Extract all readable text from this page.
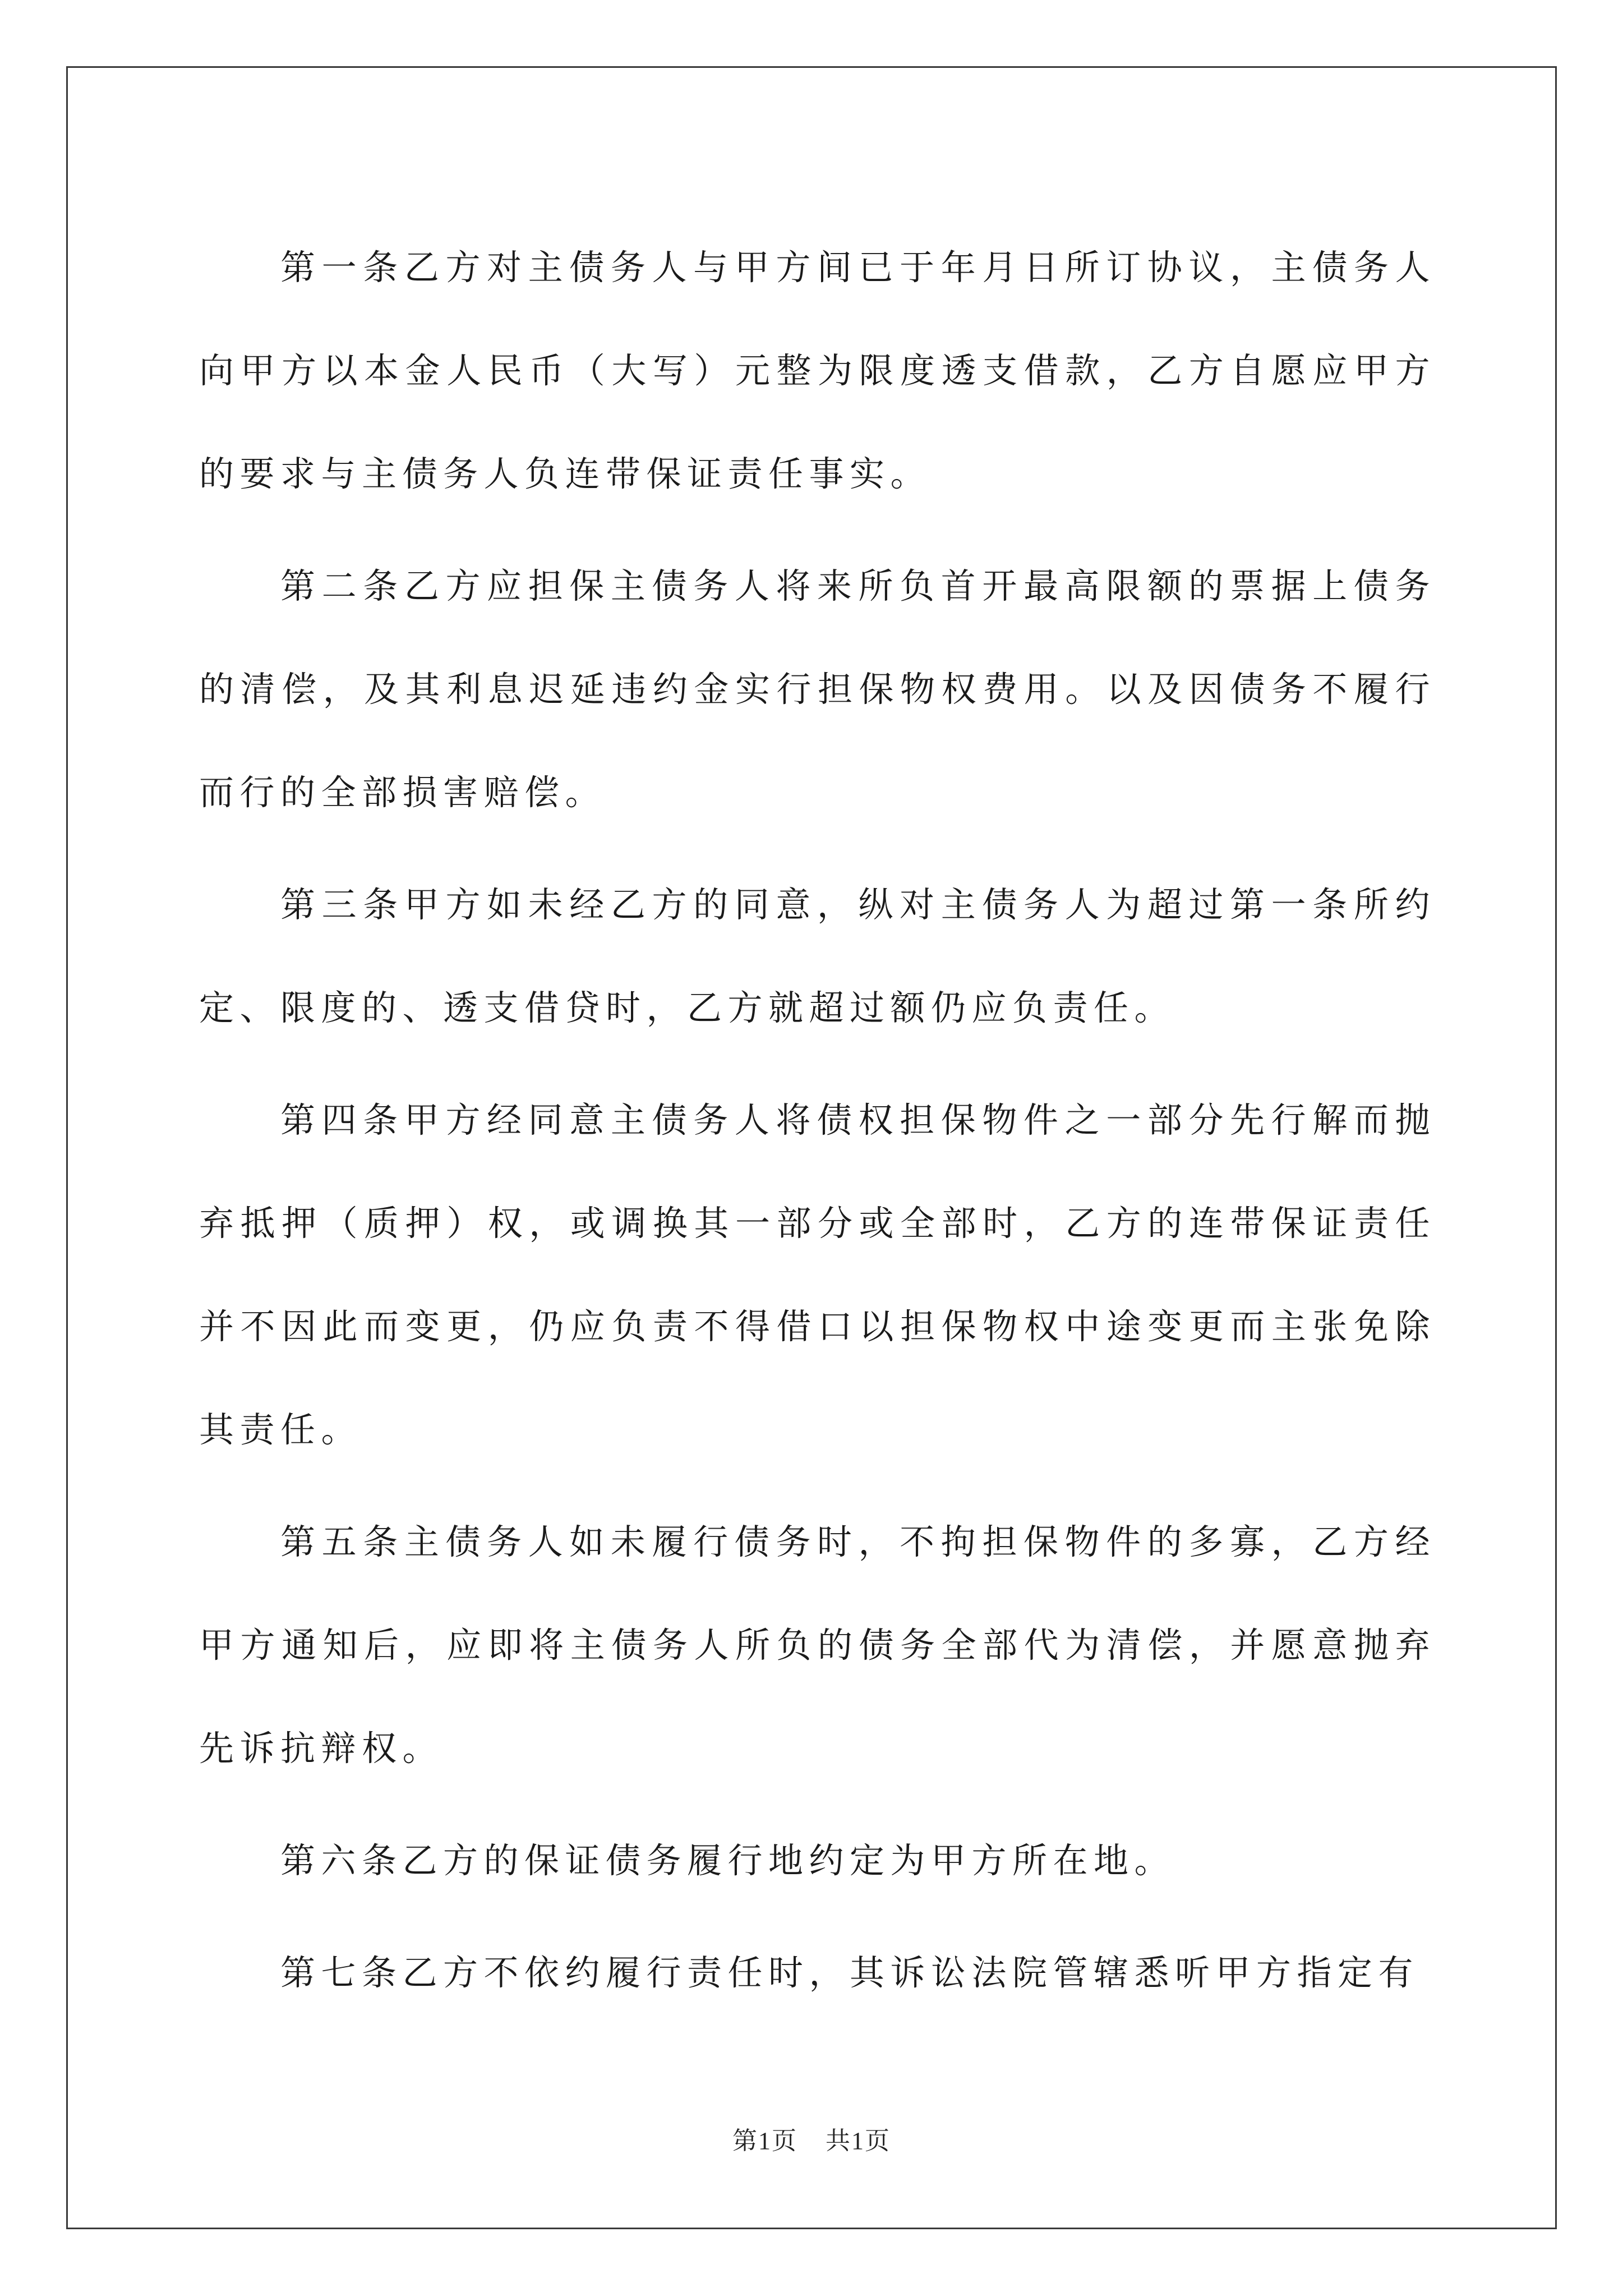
第一条乙方对主债务人与甲方间已于年月日所订协议，主债务人向甲方以本金人民币（大写）元整为限度透支借款，乙方自愿应甲方的要求与主债务人负连带保证责任事实。

第二条乙方应担保主债务人将来所负首开最高限额的票据上债务的清偿，及其利息迟延违约金实行担保物权费用。以及因债务不履行而行的全部损害赔偿。

第三条甲方如未经乙方的同意，纵对主债务人为超过第一条所约定、限度的、透支借贷时，乙方就超过额仍应负责任。

第四条甲方经同意主债务人将债权担保物件之一部分先行解而抛弃抵押（质押）权，或调换其一部分或全部时，乙方的连带保证责任并不因此而变更，仍应负责不得借口以担保物权中途变更而主张免除其责任。

第五条主债务人如未履行债务时，不拘担保物件的多寡，乙方经甲方通知后，应即将主债务人所负的债务全部代为清偿，并愿意抛弃先诉抗辩权。

第六条乙方的保证债务履行地约定为甲方所在地。

第七条乙方不依约履行责任时，其诉讼法院管辖悉听甲方指定有

第1页 共1页
